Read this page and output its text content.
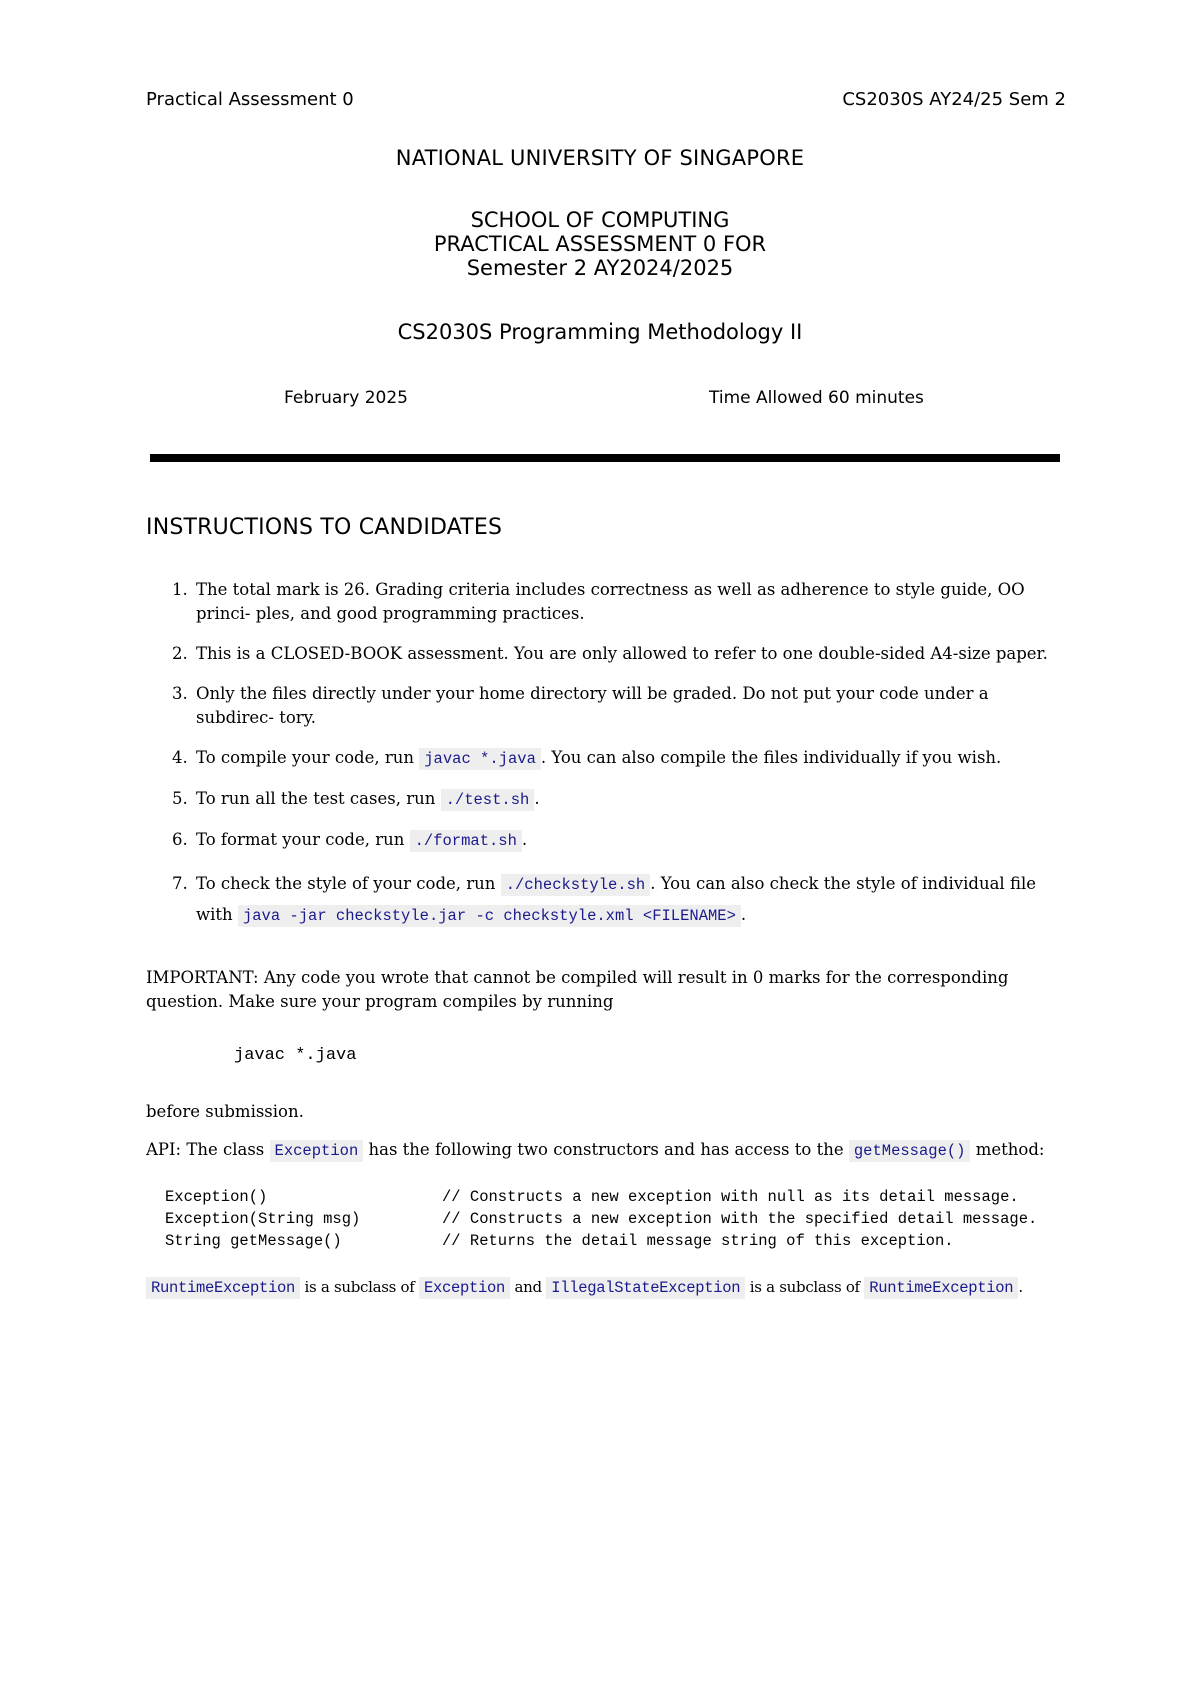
Practical Assessment 0	CS2030S AY24/25 Sem 2
NATIONAL UNIVERSITY OF SINGAPORE
SCHOOL OF COMPUTING
PRACTICAL ASSESSMENT 0 FOR
Semester 2 AY2024/2025
CS2030S Programming Methodology II
February 2025	Time Allowed 60 minutes
INSTRUCTIONS TO CANDIDATES
1. The total mark is 26. Grading criteria includes correctness as well as adherence to style guide, OO princi- ples, and good programming practices.
2. This is a CLOSED-BOOK assessment. You are only allowed to refer to one double-sided A4-size paper.
3. Only the files directly under your home directory will be graded. Do not put your code under a subdirec- tory.
4. To compile your code, run javac *.java . You can also compile the files individually if you wish.
5. To run all the test cases, run ./test.sh .
6. To format your code, run ./format.sh .
7. To check the style of your code, run ./checkstyle.sh . You can also check the style of individual file with java -jar checkstyle.jar -c checkstyle.xml <FILENAME> .
IMPORTANT: Any code you wrote that cannot be compiled will result in 0 marks for the corresponding question. Make sure your program compiles by running
javac *.java
before submission.
API: The class Exception has the following two constructors and has access to the getMessage() method:
Exception()	// Constructs a new exception with null as its detail message.
Exception(String msg)	// Constructs a new exception with the specified detail message.
String getMessage()	// Returns the detail message string of this exception.
RuntimeException is a subclass of Exception and IllegalStateException is a subclass of RuntimeException .
